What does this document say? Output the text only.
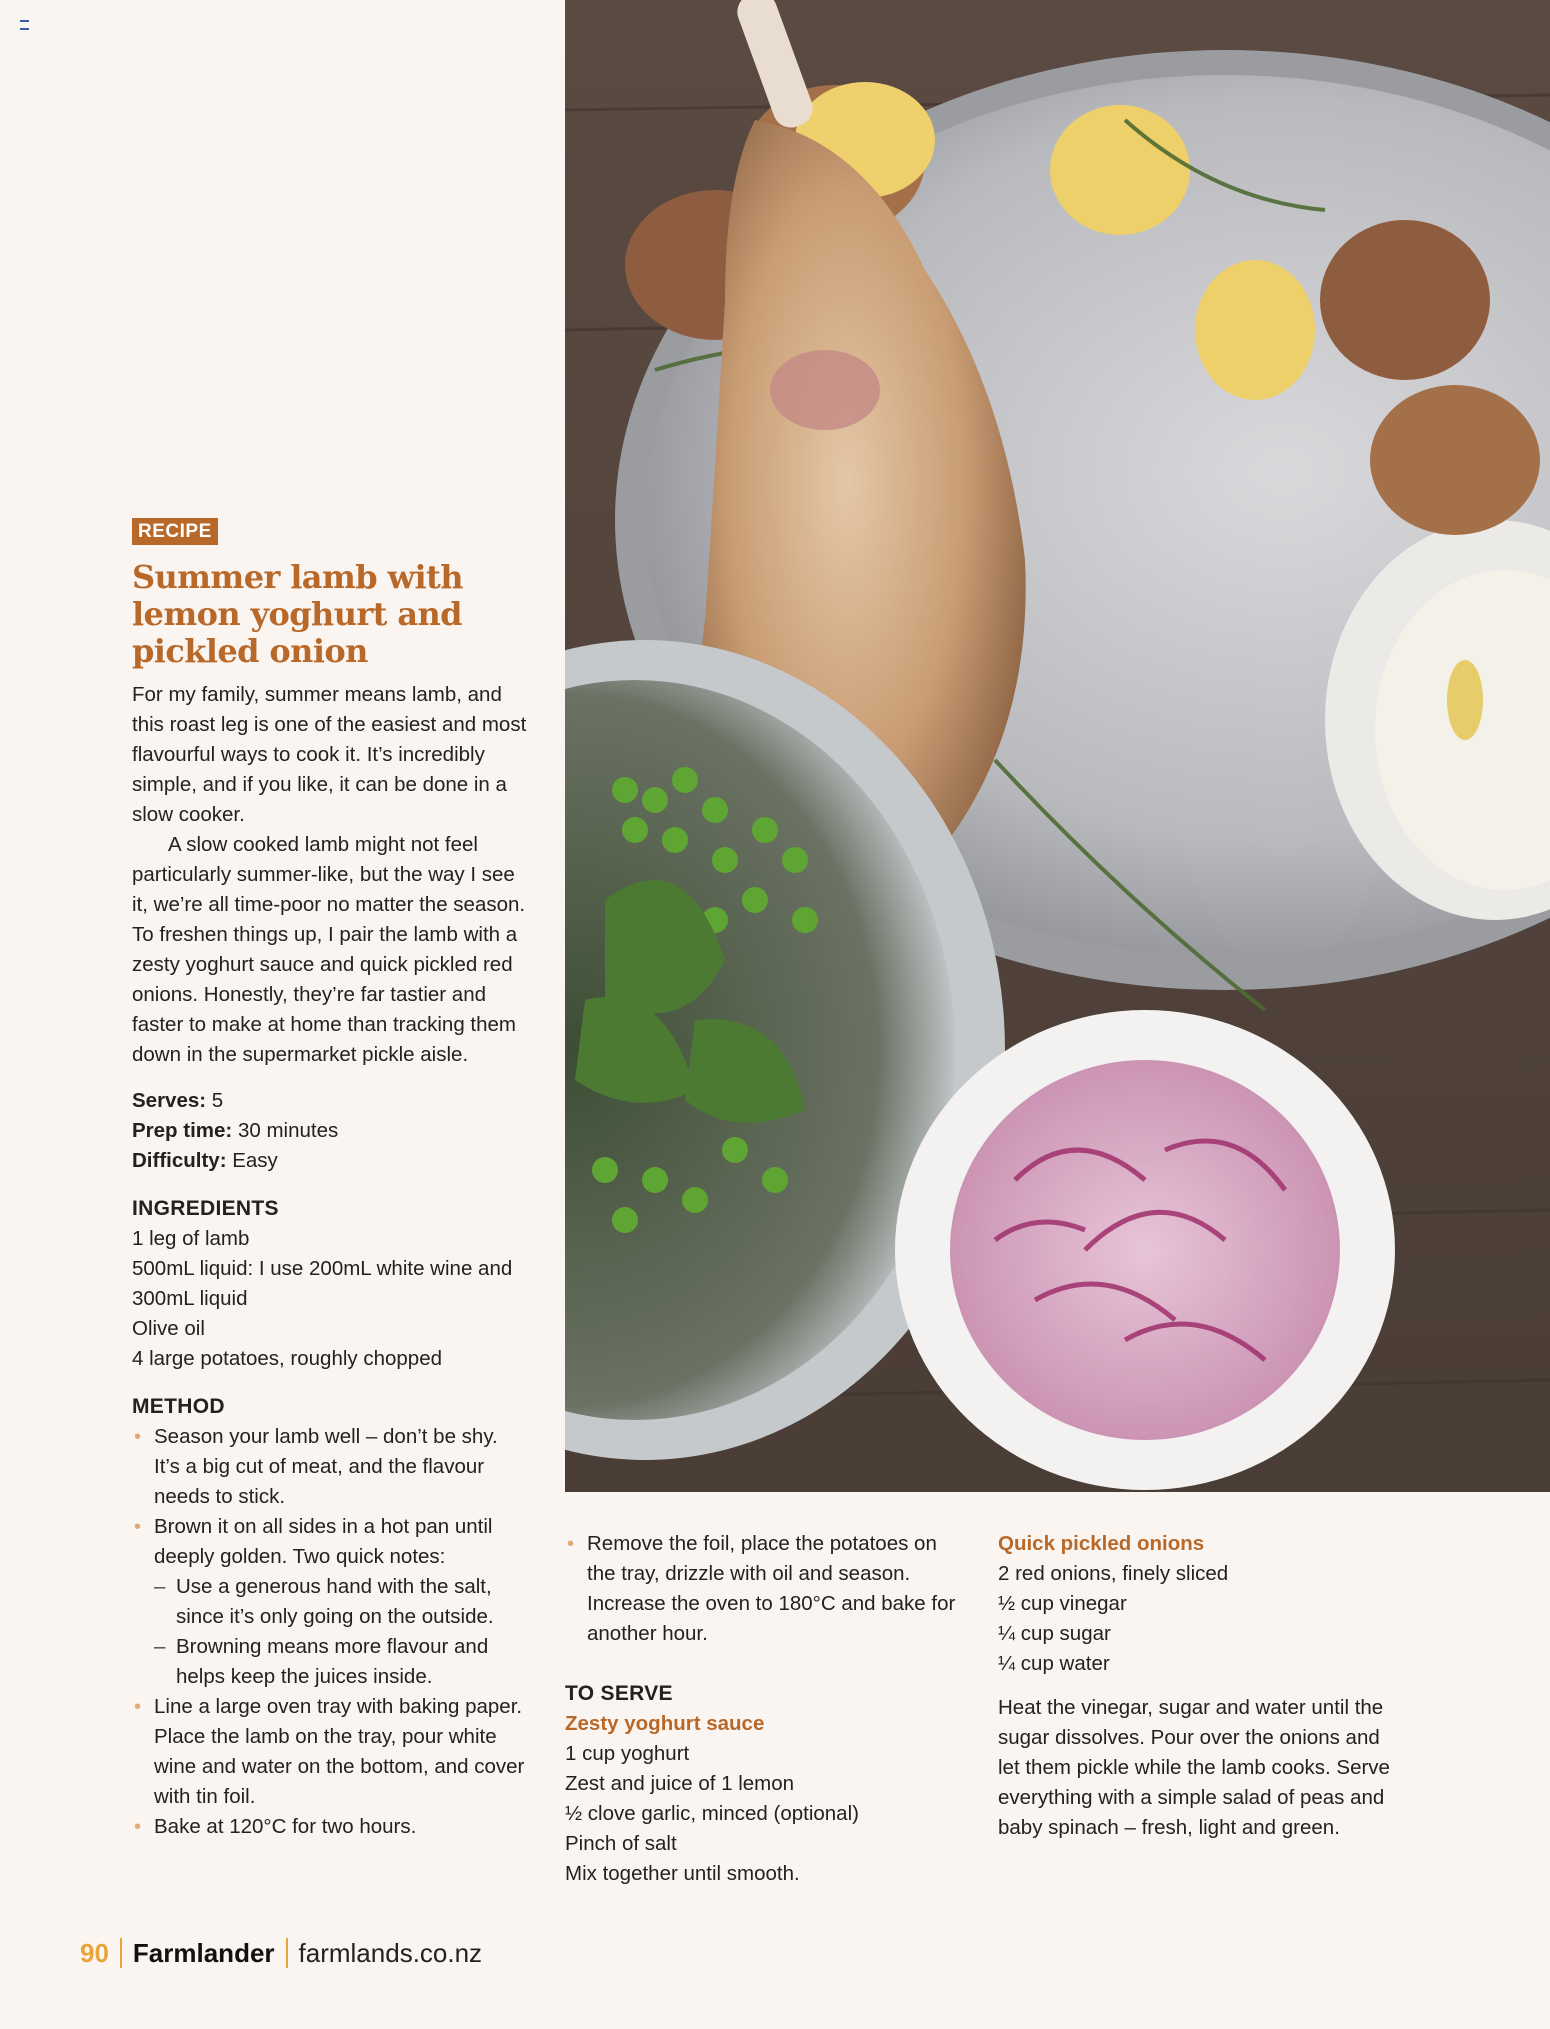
RECIPE
Summer lamb with lemon yoghurt and pickled onion

For my family, summer means lamb, and this roast leg is one of the easiest and most flavourful ways to cook it. It’s incredibly simple, and if you like, it can be done in a slow cooker.

A slow cooked lamb might not feel particularly summer-like, but the way I see it, we’re all time-poor no matter the season. To freshen things up, I pair the lamb with a zesty yoghurt sauce and quick pickled red onions. Honestly, they’re far tastier and faster to make at home than tracking them down in the supermarket pickle aisle.

Serves: 5
Prep time: 30 minutes
Difficulty: Easy
INGREDIENTS
1 leg of lamb
500mL liquid: I use 200mL white wine and 300mL liquid
Olive oil
4 large potatoes, roughly chopped
METHOD
• Season your lamb well – don’t be shy. It’s a big cut of meat, and the flavour needs to stick.
• Brown it on all sides in a hot pan until deeply golden. Two quick notes:
– Use a generous hand with the salt, since it’s only going on the outside.
– Browning means more flavour and helps keep the juices inside.
• Line a large oven tray with baking paper. Place the lamb on the tray, pour white wine and water on the bottom, and cover with tin foil.
• Bake at 120°C for two hours.
• Remove the foil, place the potatoes on the tray, drizzle with oil and season. Increase the oven to 180°C and bake for another hour.
TO SERVE
Zesty yoghurt sauce
1 cup yoghurt
Zest and juice of 1 lemon
½ clove garlic, minced (optional)
Pinch of salt
Mix together until smooth.
Quick pickled onions
2 red onions, finely sliced
½ cup vinegar
¼ cup sugar
¼ cup water
Heat the vinegar, sugar and water until the sugar dissolves. Pour over the onions and let them pickle while the lamb cooks. Serve everything with a simple salad of peas and baby spinach – fresh, light and green.
90 Farmlander farmlands.co.nz
